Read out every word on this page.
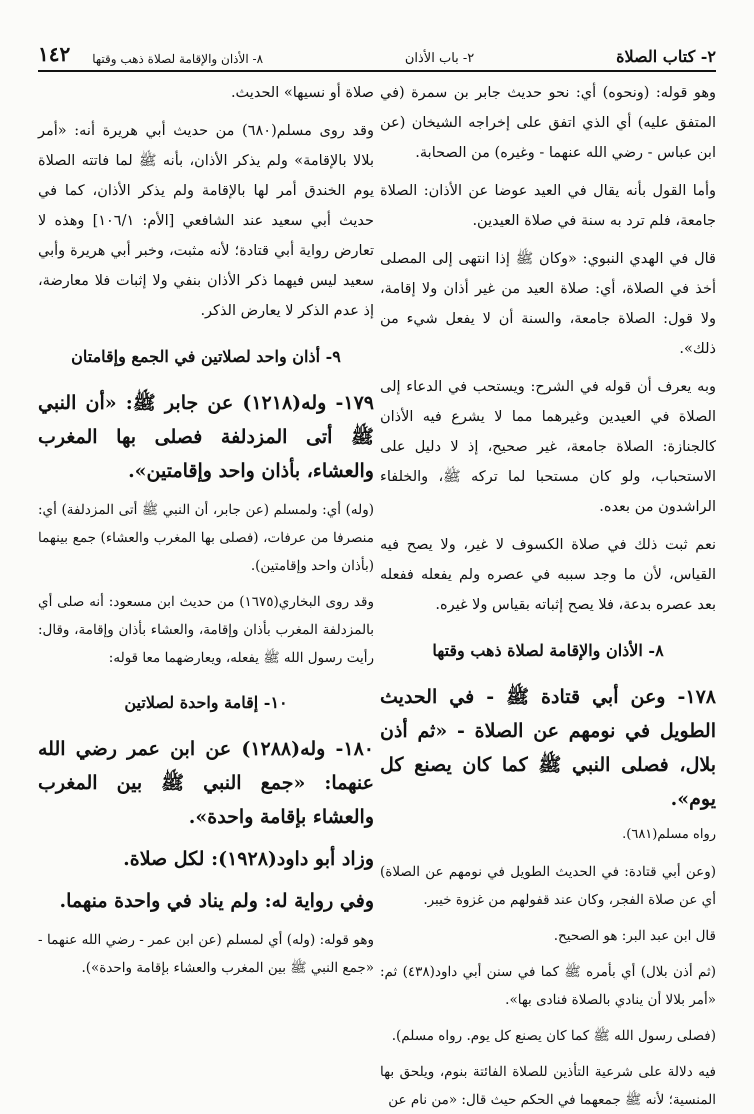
٢- كتاب الصلاة
٢- باب الأذان
٨- الأذان والإقامة لصلاة ذهب وقتها
١٤٢

وهو قوله: (ونحوه) أي: نحو حديث جابر بن سمرة (في المتفق عليه) أي الذي اتفق على إخراجه الشيخان (عن ابن عباس - رضي الله عنهما - وغيره) من الصحابة.

وأما القول بأنه يقال في العيد عوضا عن الأذان: الصلاة جامعة، فلم ترد به سنة في صلاة العيدين.

قال في الهدي النبوي: «وكان ﷺ إذا انتهى إلى المصلى أخذ في الصلاة، أي: صلاة العيد من غير أذان ولا إقامة، ولا قول: الصلاة جامعة، والسنة أن لا يفعل شيء من ذلك».

وبه يعرف أن قوله في الشرح: ويستحب في الدعاء إلى الصلاة في العيدين وغيرهما مما لا يشرع فيه الأذان كالجنازة: الصلاة جامعة، غير صحيح، إذ لا دليل على الاستحباب، ولو كان مستحبا لما تركه ﷺ، والخلفاء الراشدون من بعده.

نعم ثبت ذلك في صلاة الكسوف لا غير، ولا يصح فيه القياس، لأن ما وجد سببه في عصره ولم يفعله ففعله بعد عصره بدعة، فلا يصح إثباته بقياس ولا غيره.

٨- الأذان والإقامة لصلاة ذهب وقتها

١٧٨- وعن أبي قتادة ﷺ - في الحديث الطويل في نومهم عن الصلاة - «ثم أذن بلال، فصلى النبي ﷺ كما كان يصنع كل يوم».

رواه مسلم(٦٨١).

(وعن أبي قتادة: في الحديث الطويل في نومهم عن الصلاة) أي عن صلاة الفجر، وكان عند قفولهم من غزوة خيبر.

قال ابن عبد البر: هو الصحيح.

(ثم أذن بلال) أي بأمره ﷺ كما في سنن أبي داود(٤٣٨) ثم: «أمر بلالا أن ينادي بالصلاة فنادى بها».

(فصلى رسول الله ﷺ كما كان يصنع كل يوم. رواه مسلم).

فيه دلالة على شرعية التأذين للصلاة الفائتة بنوم، ويلحق بها المنسية؛ لأنه ﷺ جمعهما في الحكم حيث قال: «من نام عن

صلاة أو نسيها» الحديث.

وقد روى مسلم(٦٨٠) من حديث أبي هريرة أنه: «أمر بلالا بالإقامة» ولم يذكر الأذان، بأنه ﷺ لما فاتته الصلاة يوم الخندق أمر لها بالإقامة ولم يذكر الأذان، كما في حديث أبي سعيد عند الشافعي [الأم: ١٠٦/١] وهذه لا تعارض رواية أبي قتادة؛ لأنه مثبت، وخبر أبي هريرة وأبي سعيد ليس فيهما ذكر الأذان بنفي ولا إثبات فلا معارضة، إذ عدم الذكر لا يعارض الذكر.

٩- أذان واحد لصلاتين في الجمع وإقامتان

١٧٩- وله(١٢١٨) عن جابر ﷺ: «أن النبي ﷺ أتى المزدلفة فصلى بها المغرب والعشاء، بأذان واحد وإقامتين».

(وله) أي: ولمسلم (عن جابر، أن النبي ﷺ أتى المزدلفة) أي: منصرفا من عرفات، (فصلى بها المغرب والعشاء) جمع بينهما (بأذان واحد وإقامتين).

وقد روى البخاري(١٦٧٥) من حديث ابن مسعود: أنه صلى أي بالمزدلفة المغرب بأذان وإقامة، والعشاء بأذان وإقامة، وقال: رأيت رسول الله ﷺ يفعله، ويعارضهما معا قوله:

١٠- إقامة واحدة لصلاتين

١٨٠- وله(١٢٨٨) عن ابن عمر رضي الله عنهما: «جمع النبي ﷺ بين المغرب والعشاء بإقامة واحدة».

وزاد أبو داود(١٩٢٨): لكل صلاة.

وفي رواية له: ولم يناد في واحدة منهما.

وهو قوله: (وله) أي لمسلم (عن ابن عمر - رضي الله عنهما - «جمع النبي ﷺ بين المغرب والعشاء بإقامة واحدة»).
